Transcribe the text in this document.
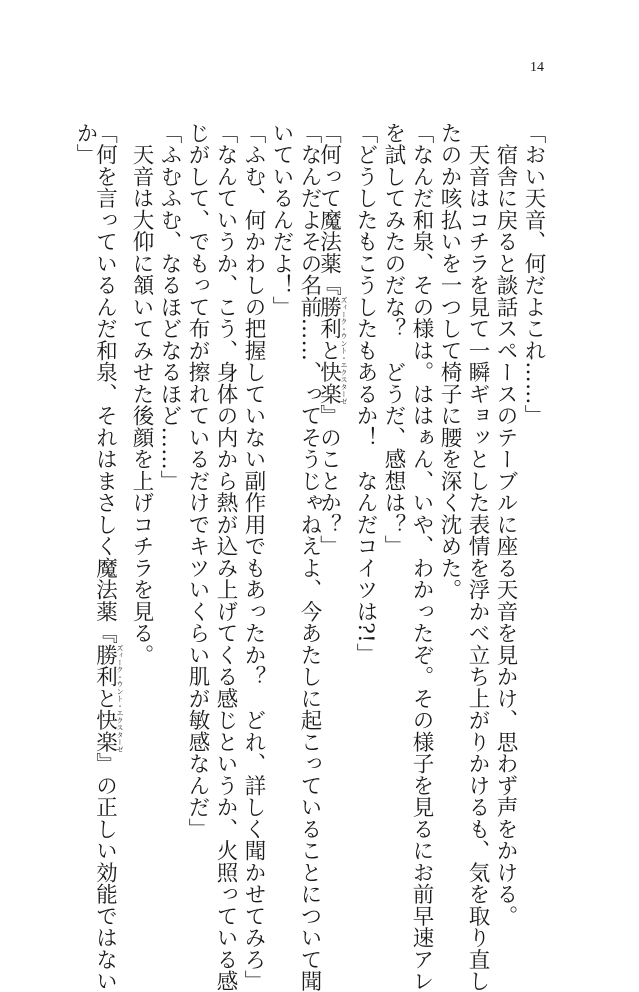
14
「おい天音、何だよこれ……」
　宿舎に戻ると談話スペースのテーブルに座る天音を見かけ、思わず声をかける。
　天音はコチラを見て一瞬ギョッとした表情を浮かべ立ち上がりかけるも、気を取り直し
たのか咳払いを一つして椅子に腰を深く沈めた。
「なんだ和泉、その様は。ははぁん、いや、わかったぞ。その様子を見るにお前早速アレ
を試してみたのだな？　どうだ、感想は？」
「どうしたもこうしたもあるか！　なんだコイツは?!」
「何って魔法薬『勝利と快楽ズィーク・ウント・エクスターゼ』のことか？」
「なんだよその名前……、ってそうじゃねえよ、今あたしに起こっていることについて聞
いているんだよ！」
「ふむ、何かわしの把握していない副作用でもあったか？　どれ、詳しく聞かせてみろ」
「なんていうか、こう、身体の内から熱が込み上げてくる感じというか、火照っている感
じがして、でもって布が擦れているだけでキツいくらい肌が敏感なんだ」
「ふむふむ、なるほどなるほど……」
　天音は大仰に頷いてみせた後顔を上げコチラを見る。
「何を言っているんだ和泉、それはまさしく魔法薬『勝利と快楽ズィーク・ウント・エクスターゼ』の正しい効能ではない
か」
